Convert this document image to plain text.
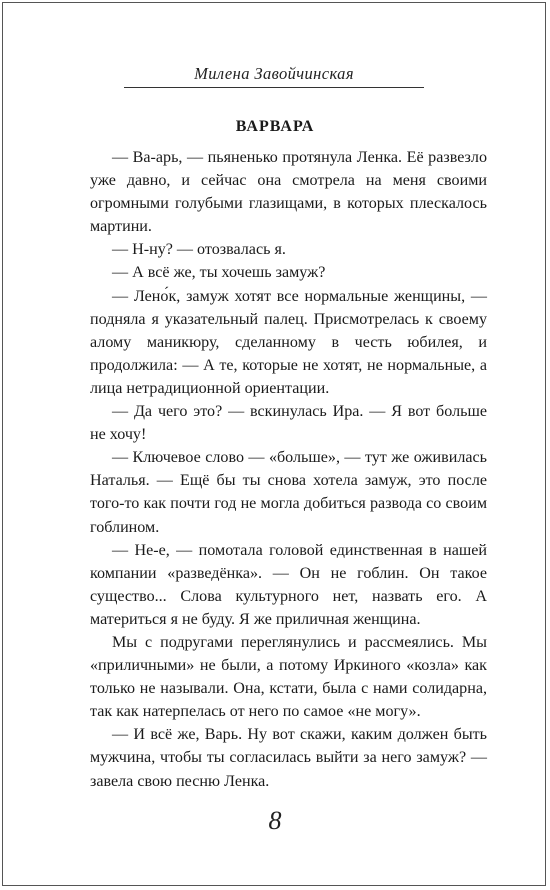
Милена Завойчинская
ВАРВАРА

— Ва-арь, — пьяненько протянула Ленка. Её развезло уже давно, и сейчас она смотрела на меня своими огромными голубыми глазищами, в которых плескалось мартини.

— Н-ну? — отозвалась я.

— А всё же, ты хочешь замуж?

— Лено́к, замуж хотят все нормальные женщины, — подняла я указательный палец. Присмотрелась к своему алому маникюру, сделанному в честь юбилея, и продолжила: — А те, которые не хотят, не нормальные, а лица нетрадиционной ориентации.

— Да чего это? — вскинулась Ира. — Я вот больше не хочу!

— Ключевое слово — «больше», — тут же оживилась Наталья. — Ещё бы ты снова хотела замуж, это после того-то как почти год не могла добиться развода со своим гоблином.

— Не-е, — помотала головой единственная в нашей компании «разведёнка». — Он не гоблин. Он такое существо... Слова культурного нет, назвать его. А материться я не буду. Я же приличная женщина.

Мы с подругами переглянулись и рассмеялись. Мы «приличными» не были, а потому Иркиного «козла» как только не называли. Она, кстати, была с нами солидарна, так как натерпелась от него по самое «не могу».

— И всё же, Варь. Ну вот скажи, каким должен быть мужчина, чтобы ты согласилась выйти за него замуж? — завела свою песню Ленка.

8
